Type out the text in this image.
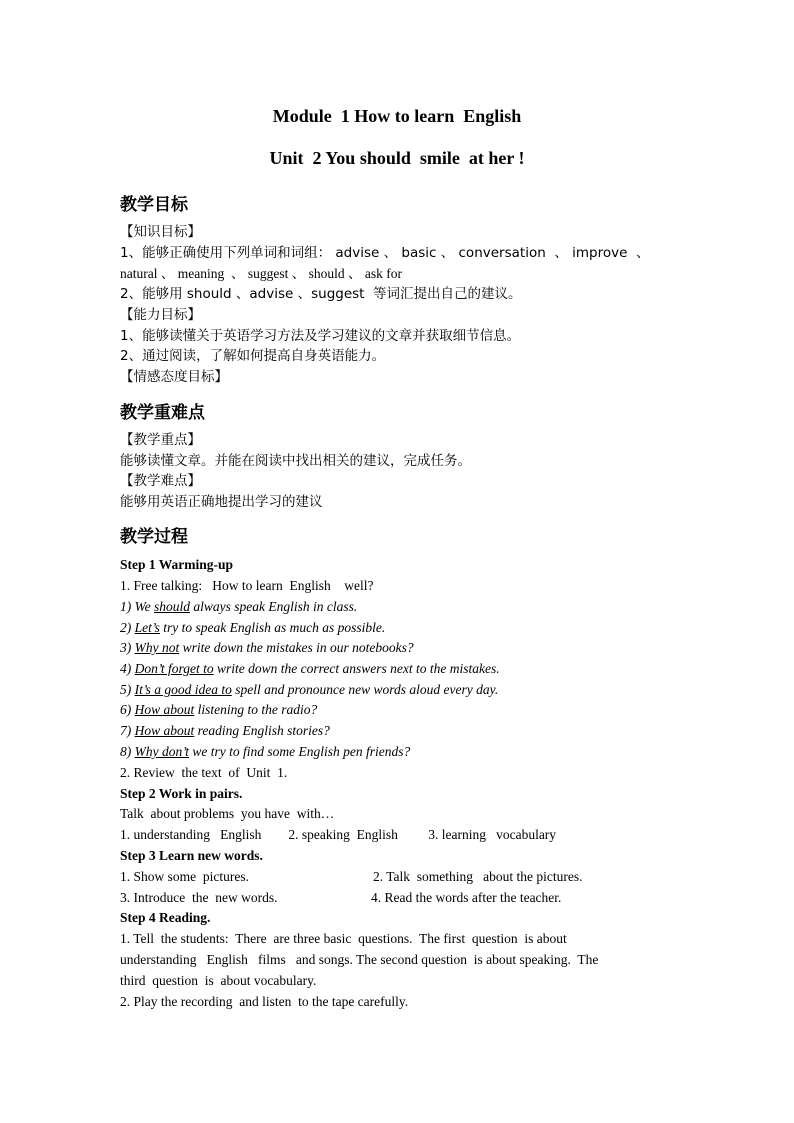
Module  1 How to learn  English
Unit  2 You should  smile  at her !
教学目标
【知识目标】
1、能够正确使用下列单词和词组： advise 、 basic 、 conversation  、 improve  、
natural 、 meaning  、 suggest 、 should 、 ask for
2、能够用 should 、advise 、suggest  等词汇提出自己的建议。
【能力目标】
1、能够读懂关于英语学习方法及学习建议的文章并获取细节信息。
2、通过阅读，了解如何提高自身英语能力。
【情感态度目标】
教学重难点
【教学重点】
能够读懂文章。并能在阅读中找出相关的建议，完成任务。
【教学难点】
能够用英语正确地提出学习的建议
教学过程
Step 1 Warming-up
1. Free talking:   How to learn  English    well?
1) We should always speak English in class.
2) Let’s try to speak English as much as possible.
3) Why not write down the mistakes in our notebooks?
4) Don’t forget to write down the correct answers next to the mistakes.
5) It’s a good idea to spell and pronounce new words aloud every day.
6) How about listening to the radio?
7) How about reading English stories?
8) Why don’t we try to find some English pen friends?
2. Review  the text  of  Unit  1.
Step 2 Work in pairs.
Talk  about problems  you have  with…
1. understanding   English        2. speaking  English         3. learning   vocabulary
Step 3 Learn new words.
1. Show some  pictures.	2. Talk  something   about the pictures.
3. Introduce  the  new words.	4. Read the words after the teacher.
Step 4 Reading.
1. Tell  the students:  There  are three basic  questions.  The first  question  is about
understanding   English   films   and songs. The second question  is about speaking.  The
third  question  is  about vocabulary.
2. Play the recording  and listen  to the tape carefully.
